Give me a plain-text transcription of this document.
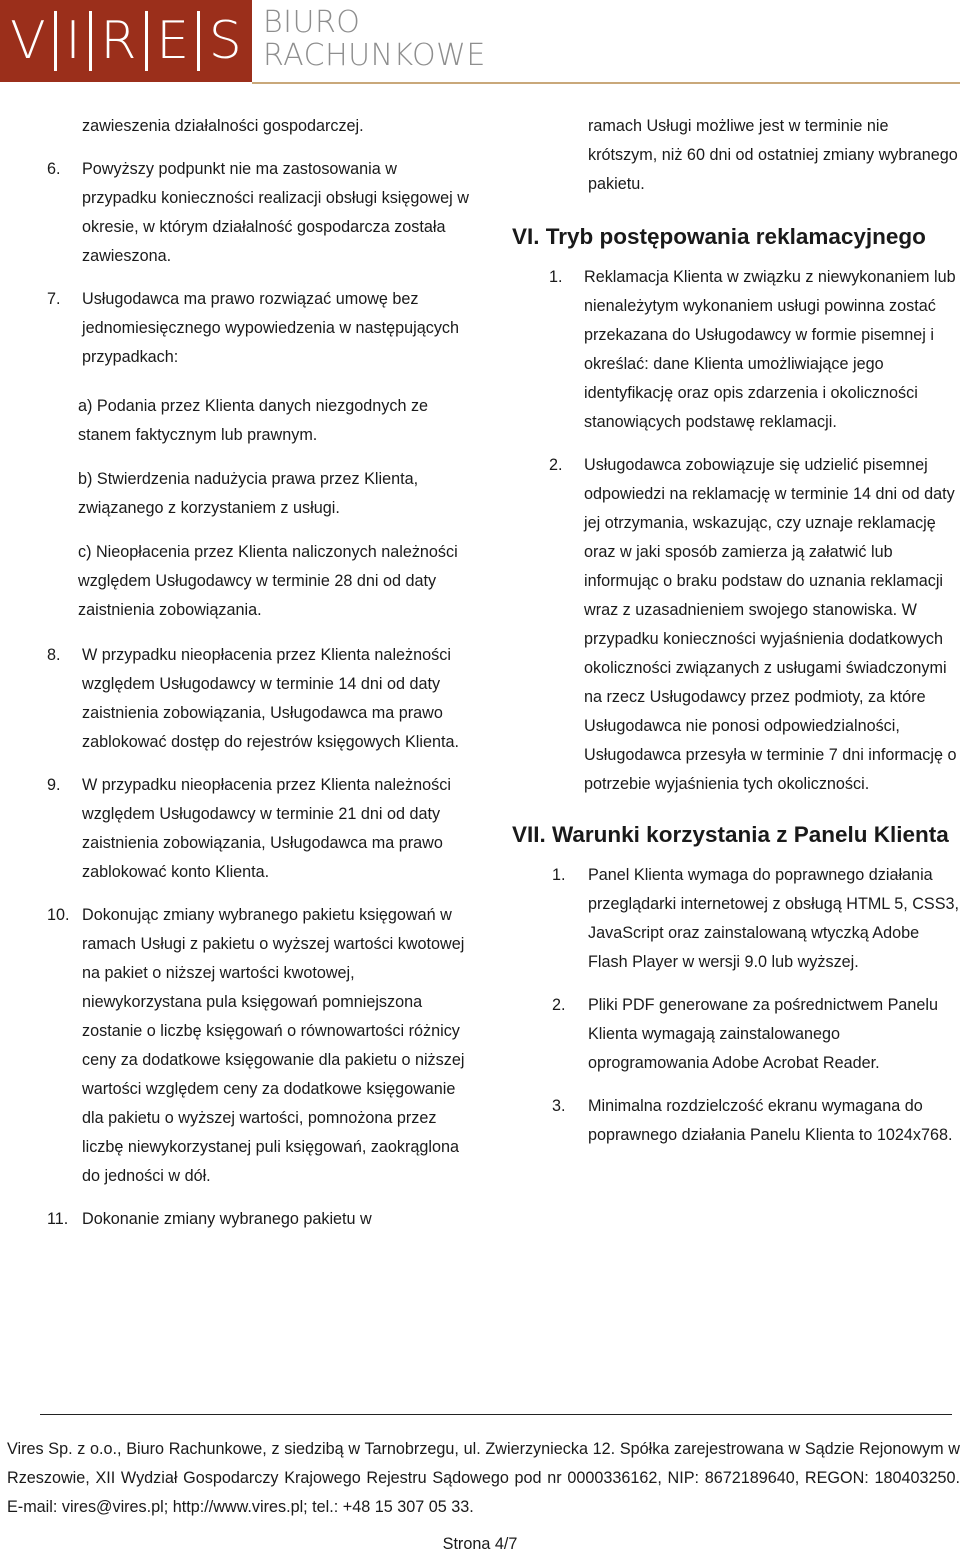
V I R E S BIURO
RACHUNKOWE
zawieszenia działalności gospodarczej.
6.	Powyższy podpunkt nie ma zastosowania w przypadku konieczności realizacji obsługi księgowej w okresie, w którym działalność gospodarcza została zawieszona.
7.	Usługodawca ma prawo rozwiązać umowę bez jednomiesięcznego wypowiedzenia w następujących przypadkach:
a) Podania przez Klienta danych niezgodnych ze stanem faktycznym lub prawnym.
b) Stwierdzenia nadużycia prawa przez Klienta, związanego z korzystaniem z usługi.
c) Nieopłacenia przez Klienta naliczonych należności względem Usługodawcy w terminie 28 dni od daty zaistnienia zobowiązania.
8.	W przypadku nieopłacenia przez Klienta należności względem Usługodawcy w terminie 14 dni od daty zaistnienia zobowiązania, Usługodawca ma prawo zablokować dostęp do rejestrów księgowych Klienta.
9.	W przypadku nieopłacenia przez Klienta należności względem Usługodawcy w terminie 21 dni od daty zaistnienia zobowiązania, Usługodawca ma prawo zablokować konto Klienta.
10. Dokonując zmiany wybranego pakietu księgowań w ramach Usługi z pakietu o wyższej wartości kwotowej na pakiet o niższej wartości kwotowej, niewykorzystana pula księgowań pomniejszona zostanie o liczbę księgowań o równowartości różnicy ceny za dodatkowe księgowanie dla pakietu o niższej wartości względem ceny za dodatkowe księgowanie dla pakietu o wyższej wartości, pomnożona przez liczbę niewykorzystanej puli księgowań, zaokrąglona do jedności w dół.
11. Dokonanie zmiany wybranego pakietu w
ramach Usługi możliwe jest w terminie nie krótszym, niż 60 dni od ostatniej zmiany wybranego pakietu.
VI. Tryb postępowania reklamacyjnego
1.	Reklamacja Klienta w związku z niewykonaniem lub nienależytym wykonaniem usługi powinna zostać przekazana do Usługodawcy w formie pisemnej i określać: dane Klienta umożliwiające jego identyfikację oraz opis zdarzenia i okoliczności stanowiących podstawę reklamacji.
2.	Usługodawca zobowiązuje się udzielić pisemnej odpowiedzi na reklamację w terminie 14 dni od daty jej otrzymania, wskazując, czy uznaje reklamację oraz w jaki sposób zamierza ją załatwić lub informując o braku podstaw do uznania reklamacji wraz z uzasadnieniem swojego stanowiska. W przypadku konieczności wyjaśnienia dodatkowych okoliczności związanych z usługami świadczonymi na rzecz Usługodawcy przez podmioty, za które Usługodawca nie ponosi odpowiedzialności, Usługodawca przesyła w terminie 7 dni informację o potrzebie wyjaśnienia tych okoliczności.
VII. Warunki korzystania z Panelu Klienta
1.	Panel Klienta wymaga do poprawnego działania przeglądarki internetowej z obsługą HTML 5, CSS3, JavaScript oraz zainstalowaną wtyczką Adobe Flash Player w wersji 9.0 lub wyższej.
2.	Pliki PDF generowane za pośrednictwem Panelu Klienta wymagają zainstalowanego oprogramowania Adobe Acrobat Reader.
3.	Minimalna rozdzielczość ekranu wymagana do poprawnego działania Panelu Klienta to 1024x768.
Vires Sp. z o.o., Biuro Rachunkowe, z siedzibą w Tarnobrzegu, ul. Zwierzyniecka 12. Spółka zarejestrowana w Sądzie Rejonowym w Rzeszowie, XII Wydział Gospodarczy Krajowego Rejestru Sądowego pod nr 0000336162, NIP: 8672189640, REGON: 180403250. E-mail: vires@vires.pl; http://www.vires.pl; tel.: +48 15 307 05 33.
Strona 4/7
